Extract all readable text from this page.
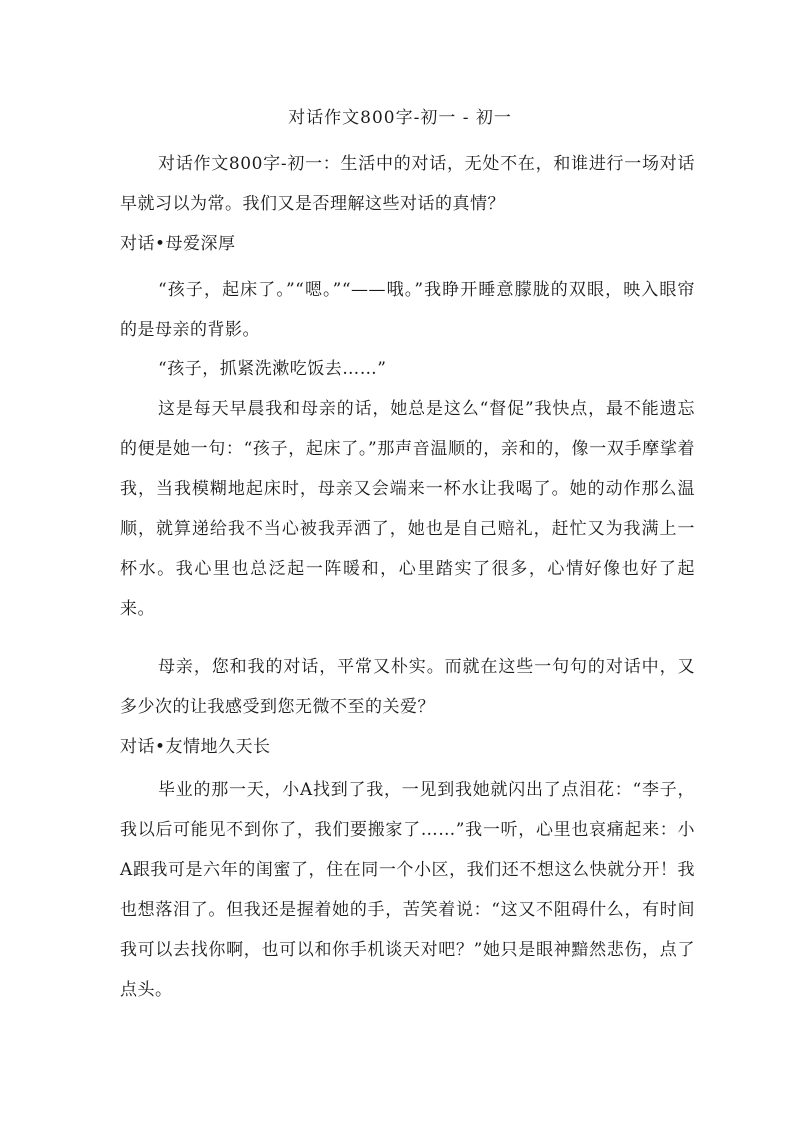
对话作文800字-初一 - 初一
对话作文800字-初一：生活中的对话，无处不在，和谁进行一场对话早就习以为常。我们又是否理解这些对话的真情？
对话•母爱深厚
“孩子，起床了。”“嗯。”“——哦。”我睁开睡意朦胧的双眼，映入眼帘的是母亲的背影。
“孩子，抓紧洗漱吃饭去……”
这是每天早晨我和母亲的话，她总是这么“督促”我快点，最不能遗忘的便是她一句：“孩子，起床了。”那声音温顺的，亲和的，像一双手摩挲着我，当我模糊地起床时，母亲又会端来一杯水让我喝了。她的动作那么温顺，就算递给我不当心被我弄洒了，她也是自己赔礼，赶忙又为我满上一杯水。我心里也总泛起一阵暖和，心里踏实了很多，心情好像也好了起来。
母亲，您和我的对话，平常又朴实。而就在这些一句句的对话中，又多少次的让我感受到您无微不至的关爱？
对话•友情地久天长
毕业的那一天，小A找到了我，一见到我她就闪出了点泪花：“李子，我以后可能见不到你了，我们要搬家了……”我一听，心里也哀痛起来：小A跟我可是六年的闺蜜了，住在同一个小区，我们还不想这么快就分开！我也想落泪了。但我还是握着她的手，苦笑着说：“这又不阻碍什么，有时间我可以去找你啊，也可以和你手机谈天对吧？”她只是眼神黯然悲伤，点了点头。
